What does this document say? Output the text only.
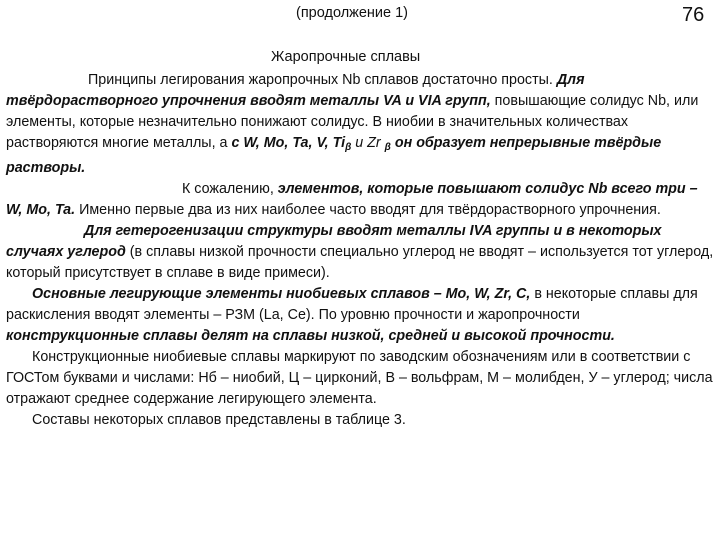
(продолжение 1)	76
Жаропрочные сплавы

Принципы легирования жаропрочных Nb сплавов достаточно просты. Для твёрдорастворного упрочнения вводят металлы VA и VIA групп, повышающие солидус Nb, или элементы, которые незначительно понижают солидус. В ниобии в значительных количествах растворяются многие металлы, а с W, Mo, Ta, V, $Ti_\beta$ и Zr $_\beta$ он образует непрерывные твёрдые растворы.

К сожалению, элементов, которые повышают солидус Nb всего три – W, Mo, Ta. Именно первые два из них наиболее часто вводят для твёрдорастворного упрочнения.

Для гетерогенизации структуры вводят металлы IVA группы и в некоторых случаях углерод (в сплавы низкой прочности специально углерод не вводят – используется тот углерод, который присутствует в сплаве в виде примеси).

Основные легирующие элементы ниобиевых сплавов – Mo, W, Zr, C, в некоторые сплавы для раскисления вводят элементы – РЗМ (La, Ce). По уровню прочности и жаропрочности конструкционные сплавы делят на сплавы низкой, средней и высокой прочности.

Конструкционные ниобиевые сплавы маркируют по заводским обозначениям или в соответствии с ГОСТом буквами и числами: Нб – ниобий, Ц – цирконий, В – вольфрам, М – молибден, У – углерод; числа отражают среднее содержание легирующего элемента.

Составы некоторых сплавов представлены в таблице 3.
